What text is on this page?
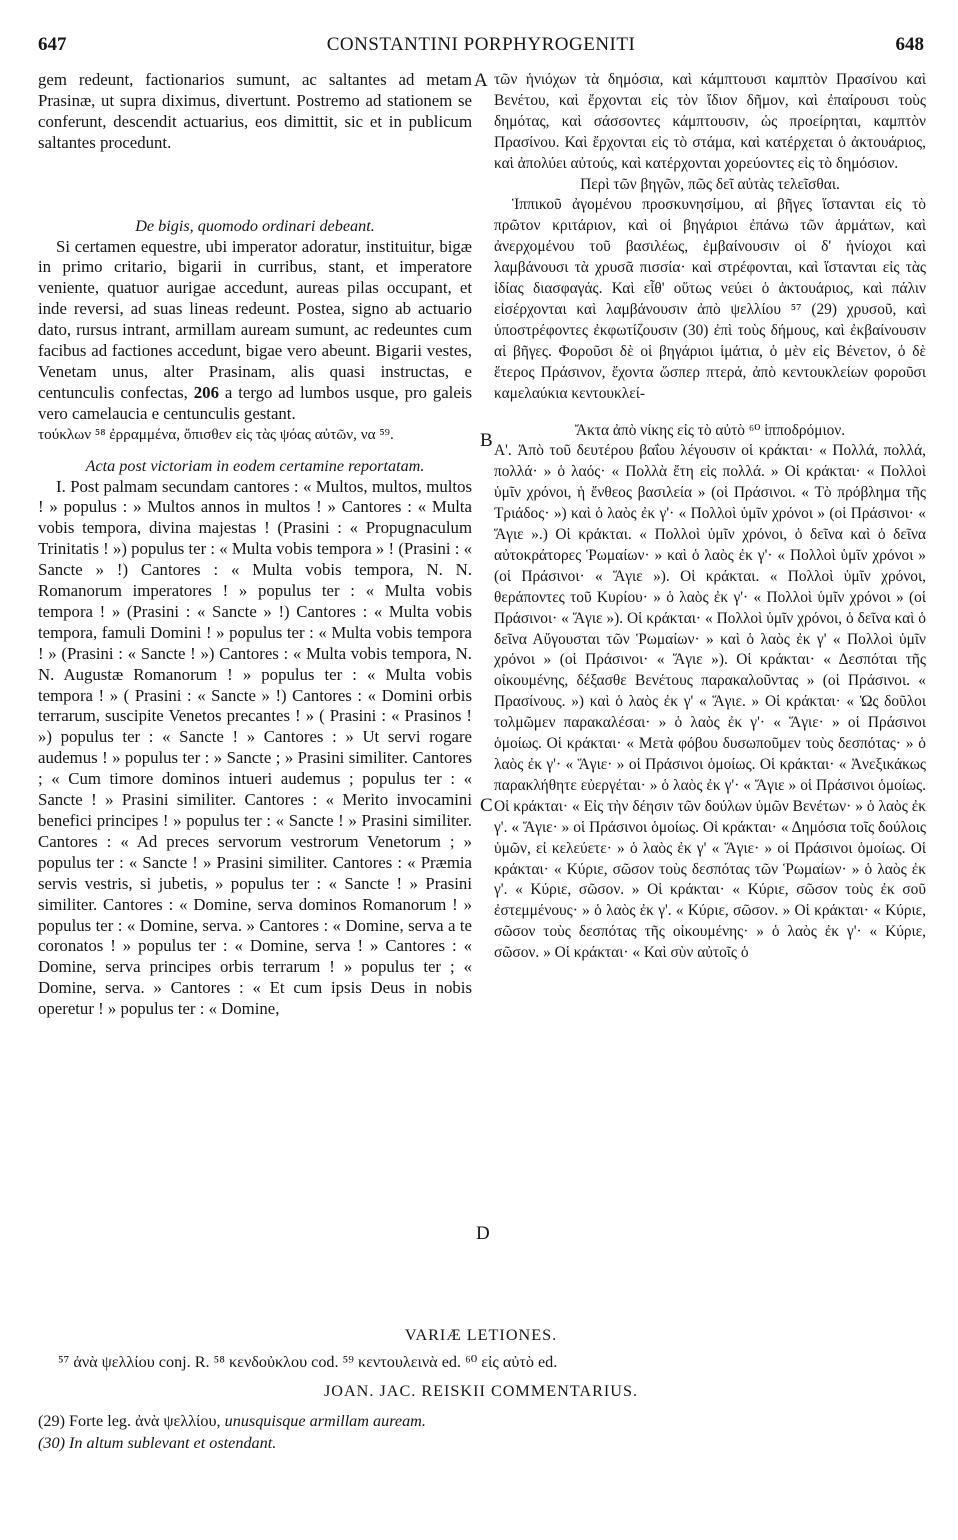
647	CONSTANTINI PORPHYROGENITI	648

gem redeunt, factionarios sumunt, ac saltantes ad metam Prasinæ, ut supra diximus, divertunt. Postremo ad stationem se conferunt, descendit actuarius, eos dimittit, sic et in publicum saltantes procedunt.

De bigis, quomodo ordinari debeant.

Si certamen equestre, ubi imperator adoratur, instituitur, bigæ in primo critario, bigarii in curribus, stant, et imperatore veniente, quatuor aurigae accedunt, aureas pilas occupant, et inde reversi, ad suas lineas redeunt. Postea, signo ab actuario dato, rursus intrant, armillam auream sumunt, ac redeuntes cum facibus ad factiones accedunt, bigae vero abeunt. Bigarii vestes, Venetam unus, alter Prasinam, alis quasi instructas, e centunculis confectas, 206 a tergo ad lumbos usque, pro galeis vero camelaucia e centunculis gestant.

τούκλων ⁵⁸ ἐρραμμένα, ὄπισθεν εἰς τὰς ψόας αὐτῶν, να ⁵⁹.

Acta post victoriam in eodem certamine reportatam.

I. Post palmam secundam cantores : « Multos, multos, multos ! » populus : » Multos annos in multos ! » Cantores : « Multa vobis tempora, divina majestas ! (Prasini : « Propugnaculum Trinitatis ! ») populus ter : « Multa vobis tempora » ! (Prasini : « Sancte » !) Cantores : « Multa vobis tempora, N. N. Romanorum imperatores ! » populus ter : « Multa vobis tempora ! » (Prasini : « Sancte » !) Cantores : « Multa vobis tempora, famuli Domini ! » populus ter : « Multa vobis tempora ! » (Prasini : « Sancte ! ») Cantores : « Multa vobis tempora, N. N. Augustæ Romanorum ! » populus ter : « Multa vobis tempora ! » ( Prasini : « Sancte » !) Cantores : « Domini orbis terrarum, suscipite Venetos precantes ! » ( Prasini : « Prasinos ! ») populus ter : « Sancte ! » Cantores : » Ut servi rogare audemus ! » populus ter : » Sancte ; » Prasini similiter. Cantores ; « Cum timore dominos intueri audemus ; populus ter : « Sancte ! » Prasini similiter. Cantores : « Merito invocamini benefici principes ! » populus ter : « Sancte ! » Prasini similiter. Cantores : « Ad preces servorum vestrorum Venetorum ; » populus ter : « Sancte ! » Prasini similiter. Cantores : « Præmia servis vestris, si jubetis, » populus ter : « Sancte ! » Prasini similiter. Cantores : « Domine, serva dominos Romanorum ! » populus ter : « Domine, serva. » Cantores : « Domine, serva a te coronatos ! » populus ter : « Domine, serva ! » Cantores : « Domine, serva principes orbis terrarum ! » populus ter ; « Domine, serva. » Cantores : « Et cum ipsis Deus in nobis operetur ! » populus ter : « Domine,

τῶν ἡνιόχων τὰ δημόσια, καὶ κάμπτουσι καμπτὸν Πρασίνου καὶ Βενέτου, καὶ ἔρχονται εἰς τὸν ἴδιον δῆμον, καὶ ἐπαίρουσι τοὺς δημότας, καὶ σάσσοντες κάμπτουσιν, ὡς προείρηται, καμπτὸν Πρασίνου. Καὶ ἔρχονται εἰς τὸ στάμα, καὶ κατέρχεται ὁ ἀκτουάριος, καὶ ἀπολύει αὐτούς, καὶ κατέρχονται χορεύοντες εἰς τὸ δημόσιον.

Περὶ τῶν βηγῶν, πῶς δεῖ αὐτὰς τελεῖσθαι.

Ἱππικοῦ ἀγομένου προσκυνησίμου, αἱ βῆγες ἵστανται εἰς τὸ πρῶτον κριτάριον, καὶ οἱ βηγάριοι ἐπάνω τῶν ἁρμάτων, καὶ ἀνερχομένου τοῦ βασιλέως, ἐμβαίνουσιν οἱ δ' ἡνίοχοι καὶ λαμβάνουσι τὰ χρυσᾶ πισσία· καὶ στρέφονται, καὶ ἵστανται εἰς τὰς ἰδίας διασφαγάς. Καὶ εἶθ' οὕτως νεύει ὁ ἀκτουάριος, καὶ πάλιν εἰσέρχονται καὶ λαμβάνουσιν ἀπὸ ψελλίου ⁵⁷ (29) χρυσοῦ, καὶ ὑποστρέφοντες ἐκφωτίζουσιν (30) ἐπὶ τοὺς δήμους, καὶ ἐκβαίνουσιν αἱ βῆγες. Φοροῦσι δὲ οἱ βηγάριοι ἱμάτια, ὁ μὲν εἰς Βένετον, ὁ δὲ ἕτερος Πράσινον, ἔχοντα ὥσπερ πτερά, ἀπὸ κεντουκλείων φοροῦσι καμελαύκια κεντουκλεί-

Ἄκτα ἀπὸ νίκης εἰς τὸ αὐτὸ ⁶⁰ ἱπποδρόμιον.

Α'. Ἀπὸ τοῦ δευτέρου βαΐου λέγουσιν οἱ κράκται· « Πολλά, πολλά, πολλά· » ὁ λαός· « Πολλὰ ἔτη εἰς πολλά. » Οἱ κράκται· « Πολλοὶ ὑμῖν χρόνοι, ἡ ἔνθεος βασιλεία » (οἱ Πράσινοι. « Τὸ πρόβλημα τῆς Τριάδος· ») καὶ ὁ λαὸς ἐκ γ'· « Πολλοὶ ὑμῖν χρόνοι » (οἱ Πράσινοι· « Ἅγιε ».) Οἱ κράκται. « Πολλοὶ ὑμῖν χρόνοι, ὁ δεῖνα καὶ ὁ δεῖνα αὐτοκράτορες Ῥωμαίων· » καὶ ὁ λαὸς ἐκ γ'· « Πολλοὶ ὑμῖν χρόνοι » (οἱ Πράσινοι· « Ἅγιε »). Οἱ κράκται. « Πολλοὶ ὑμῖν χρόνοι, θεράποντες τοῦ Κυρίου· » ὁ λαὸς ἐκ γ'· « Πολλοὶ ὑμῖν χρόνοι » (οἱ Πράσινοι· « Ἅγιε »). Οἱ κράκται· « Πολλοὶ ὑμῖν χρόνοι, ὁ δεῖνα καὶ ὁ δεῖνα Αὔγουσται τῶν Ῥωμαίων· » καὶ ὁ λαὸς ἐκ γ' « Πολλοὶ ὑμῖν χρόνοι » (οἱ Πράσινοι· « Ἅγιε »). Οἱ κράκται· « Δεσπόται τῆς οἰκουμένης, δέξασθε Βενέτους παρακαλοῦντας » (οἱ Πράσινοι. « Πρασίνους. ») καὶ ὁ λαὸς ἐκ γ' « Ἅγιε. » Οἱ κράκται· « Ὡς δοῦλοι τολμῶμεν παρακαλέσαι· » ὁ λαὸς ἐκ γ'· « Ἅγιε· » οἱ Πράσινοι ὁμοίως. Οἱ κράκται· « Μετὰ φόβου δυσωποῦμεν τοὺς δεσπότας· » ὁ λαὸς ἐκ γ'· « Ἅγιε· » οἱ Πράσινοι ὁμοίως. Οἱ κράκται· « Ἀνεξικάκως παρακλήθητε εὐεργέται· » ὁ λαὸς ἐκ γ'· « Ἅγιε » οἱ Πράσινοι ὁμοίως. Οἱ κράκται· « Εἰς τὴν δέησιν τῶν δούλων ὑμῶν Βενέτων· » ὁ λαὸς ἐκ γ'. « Ἅγιε· » οἱ Πράσινοι ὁμοίως. Οἱ κράκται· « Δημόσια τοῖς δούλοις ὑμῶν, εἰ κελεύετε· » ὁ λαὸς ἐκ γ' « Ἅγιε· » οἱ Πράσινοι ὁμοίως. Οἱ κράκται· « Κύριε, σῶσον τοὺς δεσπότας τῶν Ῥωμαίων· » ὁ λαὸς ἐκ γ'. « Κύριε, σῶσον. » Οἱ κράκται· « Κύριε, σῶσον τοὺς ἐκ σοῦ ἐστεμμένους· » ὁ λαὸς ἐκ γ'. « Κύριε, σῶσον. » Οἱ κράκται· « Κύριε, σῶσον τοὺς δεσπότας τῆς οἰκουμένης· » ὁ λαὸς ἐκ γ'· « Κύριε, σῶσον. » Οἱ κράκται· « Καὶ σὺν αὐτοῖς ὁ

A
B
C
D
VARIÆ LETIONES.
⁵⁷ ἀνὰ ψελλίου conj. R. ⁵⁸ κενδοὐκλου cod. ⁵⁹ κεντουλεινὰ ed. ⁶⁰ εἰς αὐτὸ ed.
JOAN. JAC. REISKII COMMENTARIUS.
(29) Forte leg. ἀνὰ ψελλίου, unusquisque armillam auream.
(30) In altum sublevant et ostendant.
